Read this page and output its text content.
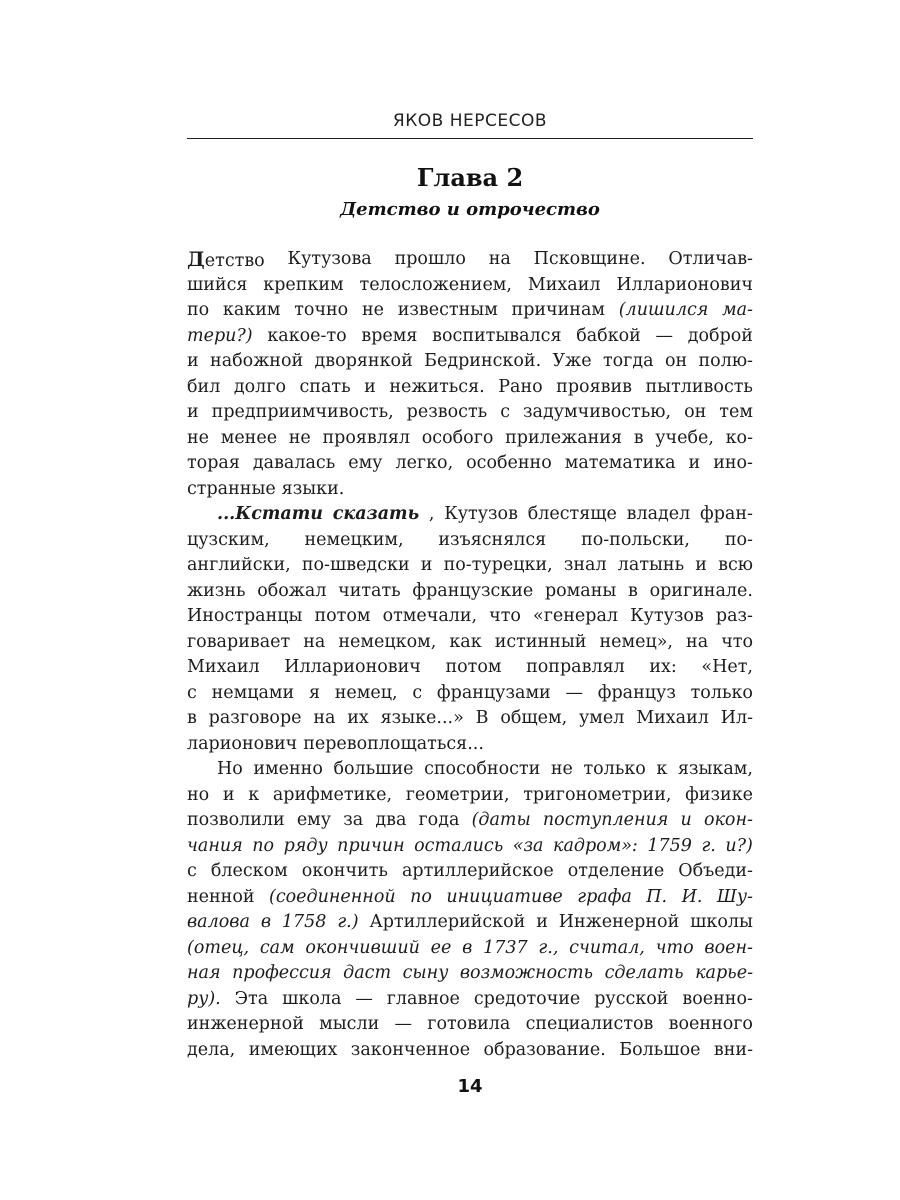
ЯКОВ НЕРСЕСОВ
Глава 2
Детство и отрочество
Детство Кутузова прошло на Псковщине. Отличав-
шийся крепким телосложением, Михаил Илларионович
по каким точно не известным причинам (лишился ма-
тери?) какое-то время воспитывался бабкой — доброй
и набожной дворянкой Бедринской. Уже тогда он полю-
бил долго спать и нежиться. Рано проявив пытливость
и предприимчивость, резвость с задумчивостью, он тем
не менее не проявлял особого прилежания в учебе, ко-
торая давалась ему легко, особенно математика и ино-
странные языки.
...Кстати сказать , Кутузов блестяще владел фран-
цузским, немецким, изъяснялся по-польски, по-
английски, по-шведски и по-турецки, знал латынь и всю
жизнь обожал читать французские романы в оригинале.
Иностранцы потом отмечали, что «генерал Кутузов раз-
говаривает на немецком, как истинный немец», на что
Михаил Илларионович потом поправлял их: «Нет,
с немцами я немец, с французами — француз только
в разговоре на их языке...» В общем, умел Михаил Ил-
ларионович перевоплощаться...
Но именно большие способности не только к языкам,
но и к арифметике, геометрии, тригонометрии, физике
позволили ему за два года (даты поступления и окон-
чания по ряду причин остались «за кадром»: 1759 г. и?)
с блеском окончить артиллерийское отделение Объеди-
ненной (соединенной по инициативе графа П. И. Шу-
валова в 1758 г.) Артиллерийской и Инженерной школы
(отец, сам окончивший ее в 1737 г., считал, что воен-
ная профессия даст сыну возможность сделать карье-
ру). Эта школа — главное средоточие русской военно-
инженерной мысли — готовила специалистов военного
дела, имеющих законченное образование. Большое вни-
14
